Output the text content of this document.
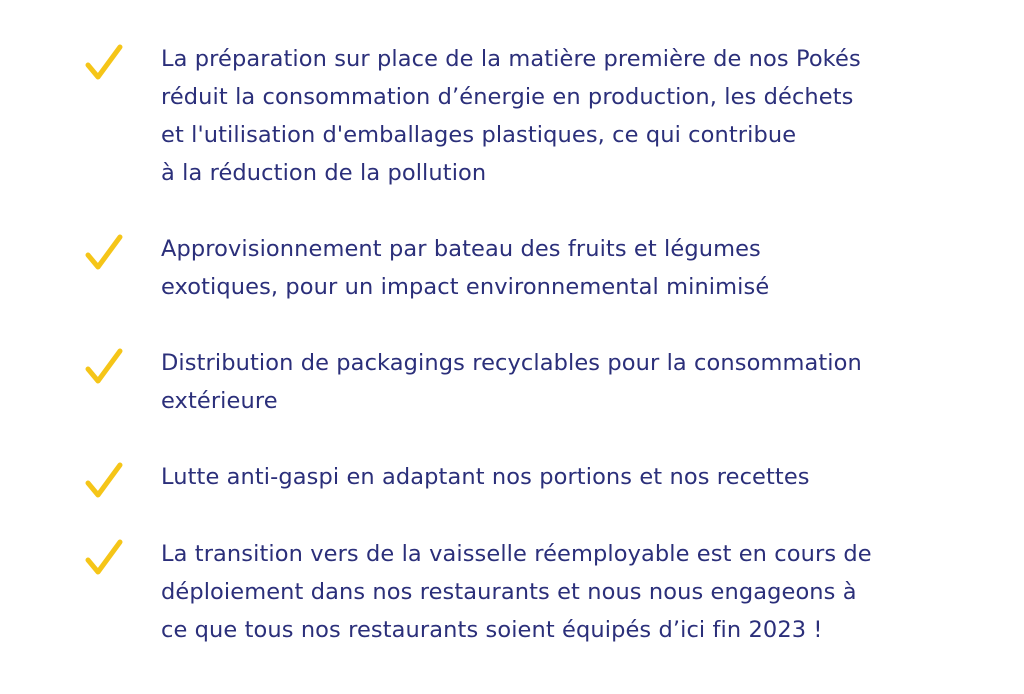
La préparation sur place de la matière première de nos Pokés
réduit la consommation d’énergie en production, les déchets
et l'utilisation d'emballages plastiques, ce qui contribue
à la réduction de la pollution
Approvisionnement par bateau des fruits et légumes
exotiques, pour un impact environnemental minimisé
Distribution de packagings recyclables pour la consommation
extérieure
Lutte anti-gaspi en adaptant nos portions et nos recettes
La transition vers de la vaisselle réemployable est en cours de
déploiement dans nos restaurants et nous nous engageons à
ce que tous nos restaurants soient équipés d’ici fin 2023 !
